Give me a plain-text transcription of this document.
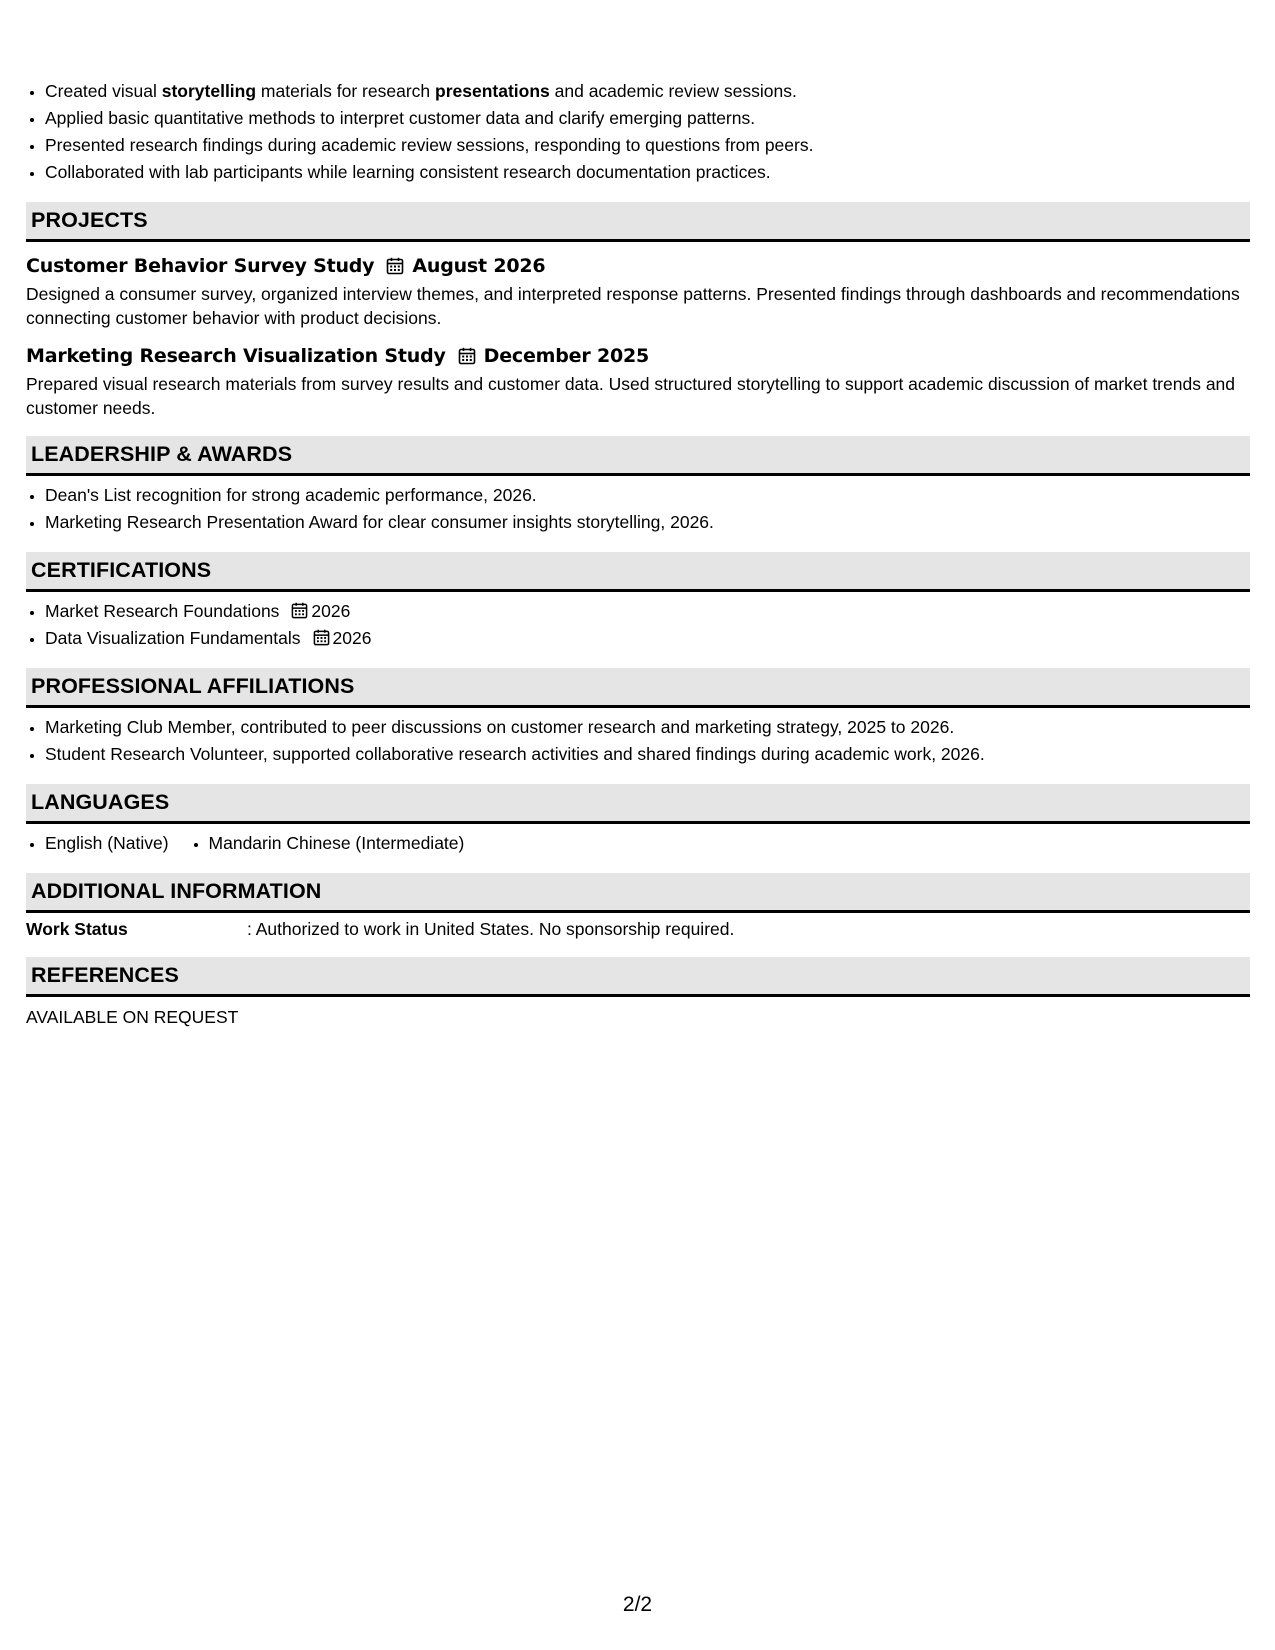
• Created visual storytelling materials for research presentations and academic review sessions.
• Applied basic quantitative methods to interpret customer data and clarify emerging patterns.
• Presented research findings during academic review sessions, responding to questions from peers.
• Collaborated with lab participants while learning consistent research documentation practices.
PROJECTS
Customer Behavior Survey Study August 2026

Designed a consumer survey, organized interview themes, and interpreted response patterns. Presented findings through dashboards and recommendations connecting customer behavior with product decisions.

Marketing Research Visualization Study December 2025

Prepared visual research materials from survey results and customer data. Used structured storytelling to support academic discussion of market trends and customer needs.

LEADERSHIP & AWARDS
• Dean's List recognition for strong academic performance, 2026.
• Marketing Research Presentation Award for clear consumer insights storytelling, 2026.
CERTIFICATIONS
• Market Research Foundations 2026
• Data Visualization Fundamentals 2026
PROFESSIONAL AFFILIATIONS
• Marketing Club Member, contributed to peer discussions on customer research and marketing strategy, 2025 to 2026.
• Student Research Volunteer, supported collaborative research activities and shared findings during academic work, 2026.
LANGUAGES
• English (Native)
• Mandarin Chinese (Intermediate)
ADDITIONAL INFORMATION
Work Status	: Authorized to work in United States. No sponsorship required.
REFERENCES
AVAILABLE ON REQUEST
2/2
